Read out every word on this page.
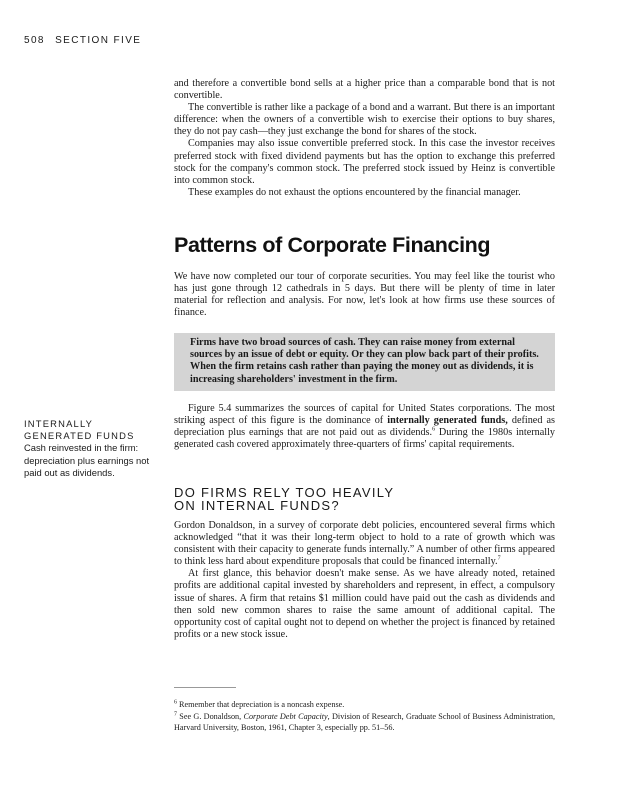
508 SECTION FIVE

and therefore a convertible bond sells at a higher price than a comparable bond that is not convertible.

The convertible is rather like a package of a bond and a warrant. But there is an important difference: when the owners of a convertible wish to exercise their options to buy shares, they do not pay cash—they just exchange the bond for shares of the stock.

Companies may also issue convertible preferred stock. In this case the investor receives preferred stock with fixed dividend payments but has the option to exchange this preferred stock for the company's common stock. The preferred stock issued by Heinz is convertible into common stock.

These examples do not exhaust the options encountered by the financial manager.

Patterns of Corporate Financing

We have now completed our tour of corporate securities. You may feel like the tourist who has just gone through 12 cathedrals in 5 days. But there will be plenty of time in later material for reflection and analysis. For now, let's look at how firms use these sources of finance.

Firms have two broad sources of cash. They can raise money from external sources by an issue of debt or equity. Or they can plow back part of their profits. When the firm retains cash rather than paying the money out as dividends, it is increasing shareholders' investment in the firm.

Figure 5.4 summarizes the sources of capital for United States corporations. The most striking aspect of this figure is the dominance of internally generated funds, defined as depreciation plus earnings that are not paid out as dividends.$^6$ During the 1980s internally generated cash covered approximately three-quarters of firms' capital requirements.

INTERNALLY
GENERATED FUNDS
Cash reinvested in the firm: depreciation plus earnings not paid out as dividends.
DO FIRMS RELY TOO HEAVILY
ON INTERNAL FUNDS?

Gordon Donaldson, in a survey of corporate debt policies, encountered several firms which acknowledged “that it was their long-term object to hold to a rate of growth which was consistent with their capacity to generate funds internally.” A number of other firms appeared to think less hard about expenditure proposals that could be financed internally.$^7$

At first glance, this behavior doesn't make sense. As we have already noted, retained profits are additional capital invested by shareholders and represent, in effect, a compulsory issue of shares. A firm that retains $1 million could have paid out the cash as dividends and then sold new common shares to raise the same amount of additional capital. The opportunity cost of capital ought not to depend on whether the project is financed by retained profits or a new stock issue.

$^6$ Remember that depreciation is a noncash expense.
$^7$ See G. Donaldson, Corporate Debt Capacity, Division of Research, Graduate School of Business Administration, Harvard University, Boston, 1961, Chapter 3, especially pp. 51–56.
